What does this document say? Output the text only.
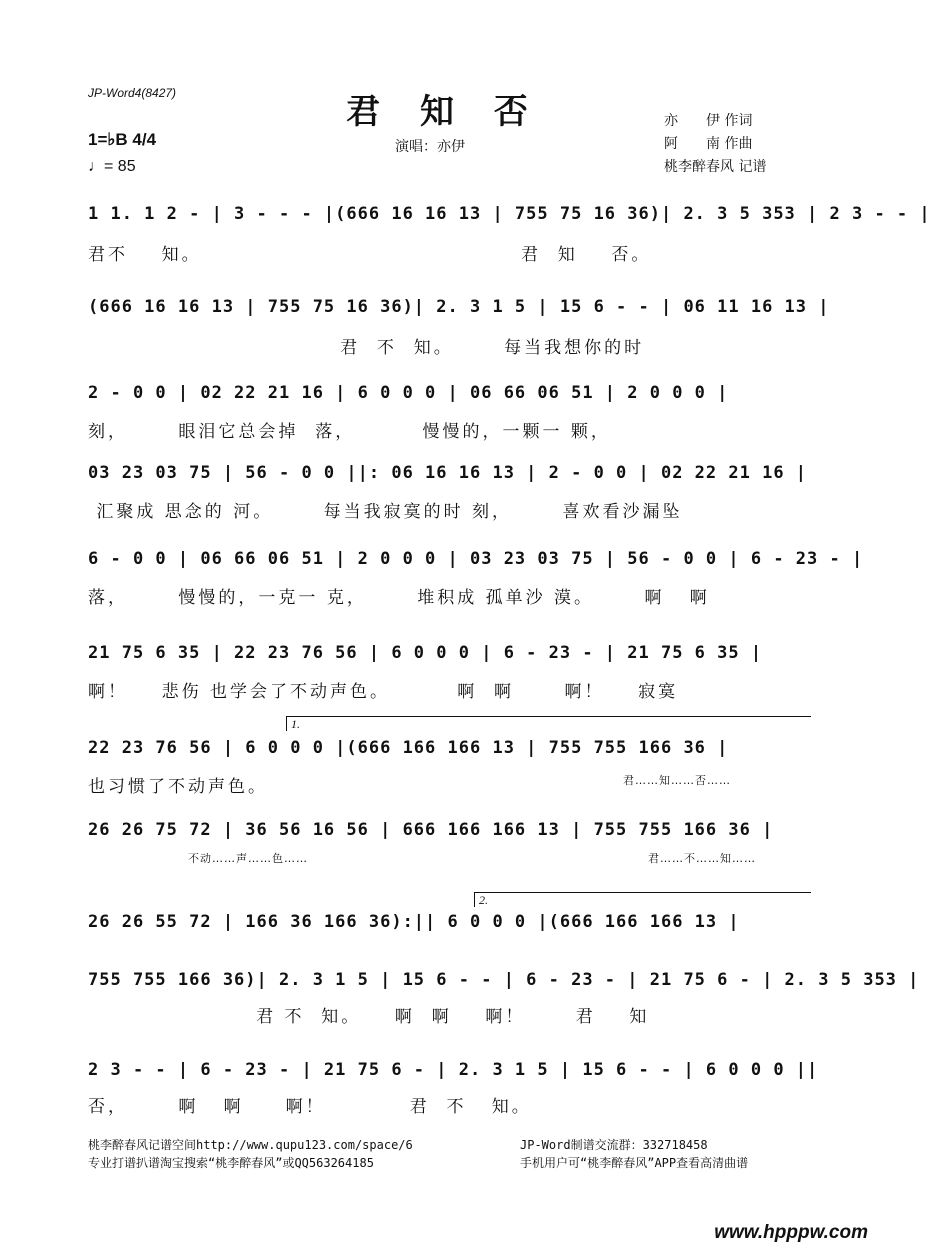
JP-Word4(8427)	君 知 否
演唱：亦伊
亦　　伊 作词
阿　　南 作曲
桃李醉春风 记谱
1=♭B 4/4
♩= 85
1 1. 1 2 - | 3 - - - |(666 16 16 13 | 755 75 16 36)| 2. 3 5 353 | 2 3 - - |
君不    知。                                      君  知    否。
(666 16 16 13 | 755 75 16 36)| 2. 3 1 5 | 15 6 - - | 06 11 16 13 |
君  不  知。      每当我想你的时
2 - 0 0 | 02 22 21 16 | 6 0 0 0 | 06 66 06 51 | 2 0 0 0 |
刻，      眼泪它总会掉  落，        慢慢的，一颗一 颗，
03 23 03 75 | 56 - 0 0 ||: 06 16 16 13 | 2 - 0 0 | 02 22 21 16 |
汇聚成 思念的 河。      每当我寂寞的时 刻，      喜欢看沙漏坠
6 - 0 0 | 06 66 06 51 | 2 0 0 0 | 03 23 03 75 | 56 - 0 0 | 6 - 23 - |
落，      慢慢的，一克一 克，      堆积成 孤单沙 漠。      啊   啊
21 75 6 35 | 22 23 76 56 | 6 0 0 0 | 6 - 23 - | 21 75 6 35 |
啊！    悲伤 也学会了不动声色。        啊  啊      啊！    寂寞
1.
22 23 76 56 | 6 0 0 0 |(666 166 166 13 | 755 755 166 36 |
也习惯了不动声色。	君……知……否……
26 26 75 72 | 36 56 16 56 | 666 166 166 13 | 755 755 166 36 |
不动……声……色……	君……不……知……
2.
26 26 55 72 | 166 36 166 36):|| 6 0 0 0 |(666 166 166 13 |
755 755 166 36)| 2. 3 1 5 | 15 6 - - | 6 - 23 - | 21 75 6 - | 2. 3 5 353 |
君 不  知。    啊  啊    啊！      君    知
2 3 - - | 6 - 23 - | 21 75 6 - | 2. 3 1 5 | 15 6 - - | 6 0 0 0 ||
否，      啊   啊     啊！          君  不   知。
桃李醉春风记谱空间http://www.qupu123.com/space/6
专业打谱扒谱淘宝搜索“桃李醉春风”或QQ563264185
JP-Word制谱交流群：332718458
手机用户可“桃李醉春风”APP查看高清曲谱
www.hpppw.com
